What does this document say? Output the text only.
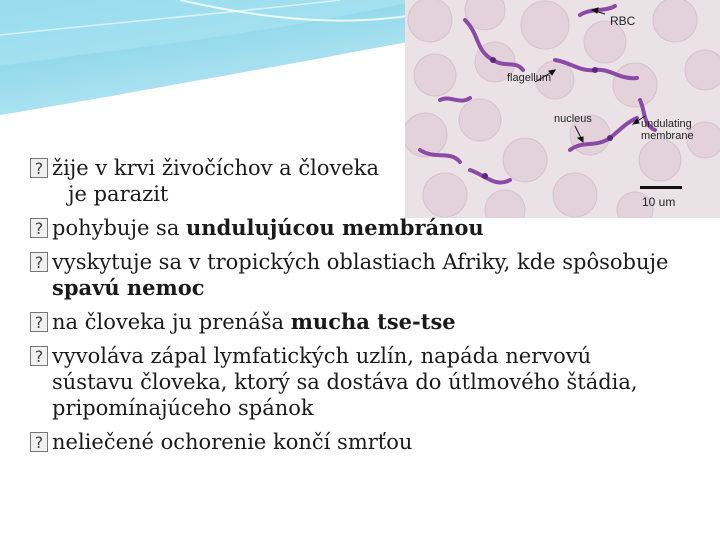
RBC
flagellum
nucleus	undulating membrane
10 um
? žije v krvi živočíchov a človeka
je parazit
? pohybuje sa undulujúcou membránou
? vyskytuje sa v tropických oblastiach Afriky, kde spôsobuje spavú nemoc
? na človeka ju prenáša mucha tse-tse
? vyvoláva zápal lymfatických uzlín, napáda nervovú sústavu človeka, ktorý sa dostáva do útlmového štádia, pripomínajúceho spánok
? neliečené ochorenie končí smrťou
